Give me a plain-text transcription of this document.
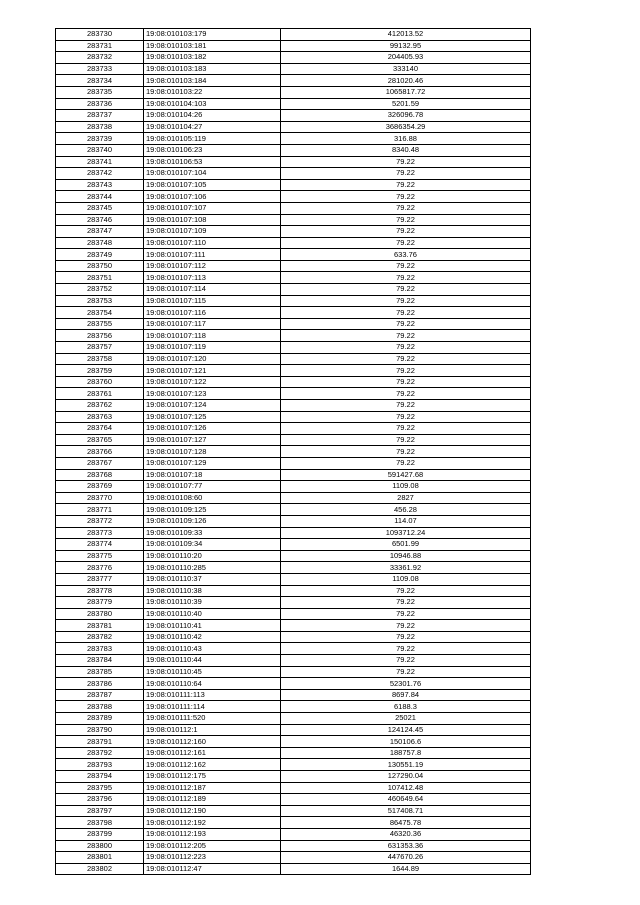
283730	19:08:010103:179	412013.52
283731	19:08:010103:181	99132.95
283732	19:08:010103:182	204405.93
283733	19:08:010103:183	333140
283734	19:08:010103:184	281020.46
283735	19:08:010103:22	1065817.72
283736	19:08:010104:103	5201.59
283737	19:08:010104:26	326096.78
283738	19:08:010104:27	3686354.29
283739	19:08:010105:119	316.88
283740	19:08:010106:23	8340.48
283741	19:08:010106:53	79.22
283742	19:08:010107:104	79.22
283743	19:08:010107:105	79.22
283744	19:08:010107:106	79.22
283745	19:08:010107:107	79.22
283746	19:08:010107:108	79.22
283747	19:08:010107:109	79.22
283748	19:08:010107:110	79.22
283749	19:08:010107:111	633.76
283750	19:08:010107:112	79.22
283751	19:08:010107:113	79.22
283752	19:08:010107:114	79.22
283753	19:08:010107:115	79.22
283754	19:08:010107:116	79.22
283755	19:08:010107:117	79.22
283756	19:08:010107:118	79.22
283757	19:08:010107:119	79.22
283758	19:08:010107:120	79.22
283759	19:08:010107:121	79.22
283760	19:08:010107:122	79.22
283761	19:08:010107:123	79.22
283762	19:08:010107:124	79.22
283763	19:08:010107:125	79.22
283764	19:08:010107:126	79.22
283765	19:08:010107:127	79.22
283766	19:08:010107:128	79.22
283767	19:08:010107:129	79.22
283768	19:08:010107:18	591427.68
283769	19:08:010107:77	1109.08
283770	19:08:010108:60	2827
283771	19:08:010109:125	456.28
283772	19:08:010109:126	114.07
283773	19:08:010109:33	1093712.24
283774	19:08:010109:34	6501.99
283775	19:08:010110:20	10946.88
283776	19:08:010110:285	33361.92
283777	19:08:010110:37	1109.08
283778	19:08:010110:38	79.22
283779	19:08:010110:39	79.22
283780	19:08:010110:40	79.22
283781	19:08:010110:41	79.22
283782	19:08:010110:42	79.22
283783	19:08:010110:43	79.22
283784	19:08:010110:44	79.22
283785	19:08:010110:45	79.22
283786	19:08:010110:64	52301.76
283787	19:08:010111:113	8697.84
283788	19:08:010111:114	6188.3
283789	19:08:010111:520	25021
283790	19:08:010112:1	124124.45
283791	19:08:010112:160	150106.6
283792	19:08:010112:161	188757.8
283793	19:08:010112:162	130551.19
283794	19:08:010112:175	127290.04
283795	19:08:010112:187	107412.48
283796	19:08:010112:189	460649.64
283797	19:08:010112:190	517408.71
283798	19:08:010112:192	86475.78
283799	19:08:010112:193	46320.36
283800	19:08:010112:205	631353.36
283801	19:08:010112:223	447670.26
283802	19:08:010112:47	1644.89
